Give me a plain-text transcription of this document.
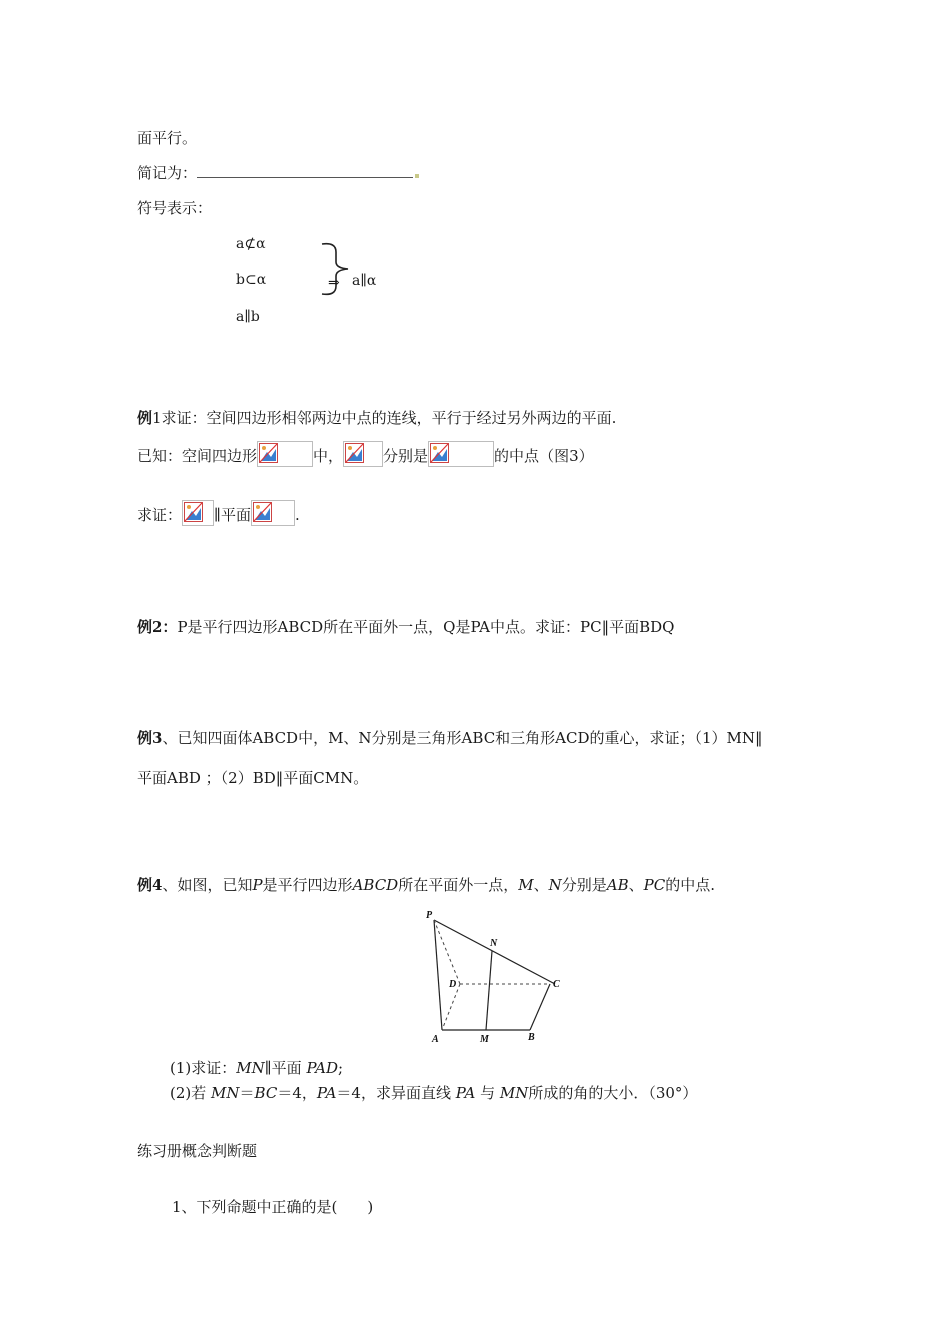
面平行。
简记为：
符号表示：
a⊄α
b⊂α
a∥b
⇒ a∥α
例1求证：空间四边形相邻两边中点的连线，平行于经过另外两边的平面.
已知：空间四边形	中，	分别是	的中点（图3）
求证： ∥平面	.
例2：P是平行四边形ABCD所在平面外一点，Q是PA中点。求证：PC‖平面BDQ
例3、已知四面体ABCD中，M、N分别是三角形ABC和三角形ACD的重心，求证；（1）MN‖
平面ABD ；（2）BD‖平面CMN。
例4、如图，已知P是平行四边形ABCD所在平面外一点，M、N分别是AB、PC的中点.
P
N
D	C
A	M	B
(1)求证：MN∥平面 PAD;
(2)若 MN＝BC＝4，PA＝4，求异面直线 PA 与 MN所成的角的大小．（30°）
练习册概念判断题
1、下列命题中正确的是(　　)
